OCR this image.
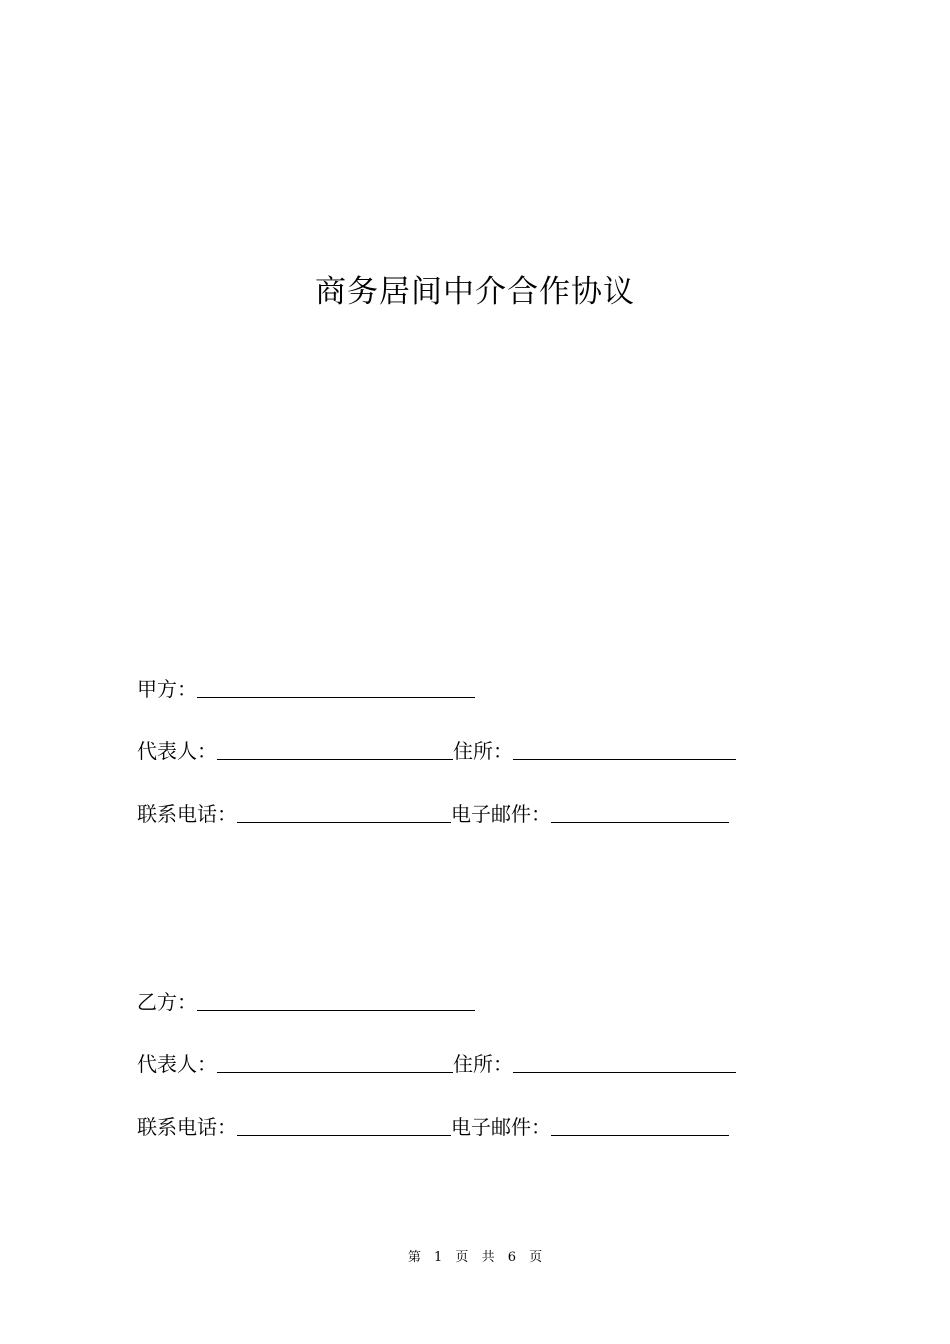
商务居间中介合作协议
甲方：
代表人：	住所：
联系电话：	电子邮件：
乙方：
代表人：	住所：
联系电话：	电子邮件：
第 1 页 共 6 页
